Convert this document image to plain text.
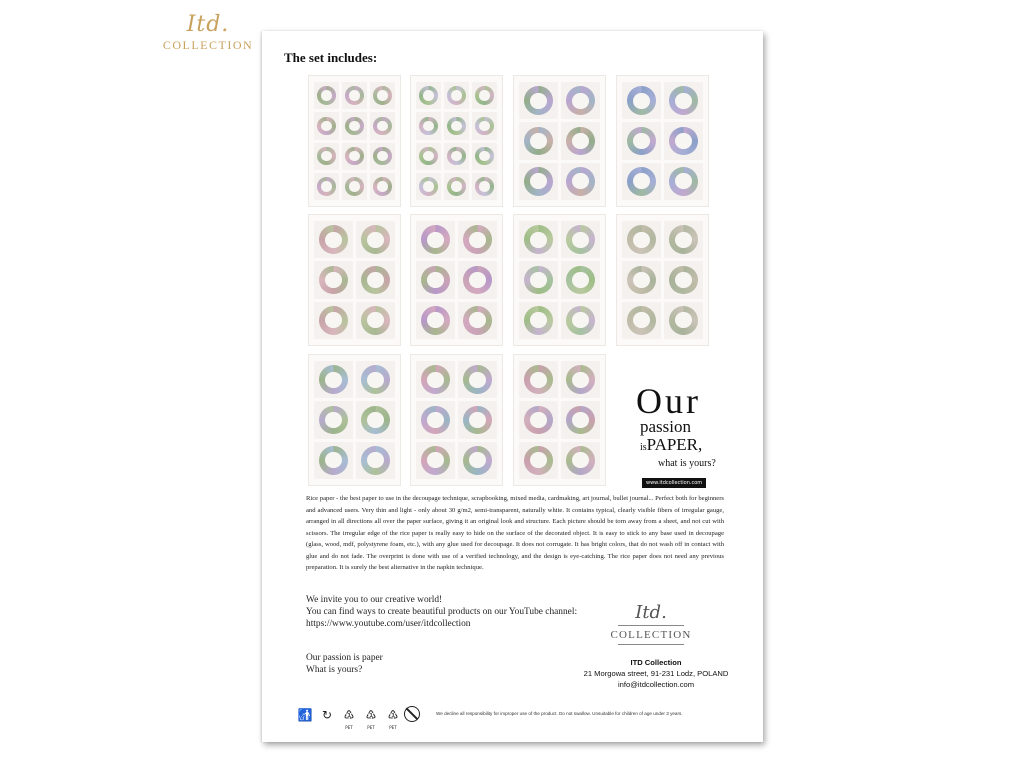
Itd.
COLLECTION
The set includes:
Our
passion
isPAPER,
what is yours?
www.itdcollection.com
Rice paper - the best paper to use in the decoupage technique, scrapbooking, mixed media, cardmaking, art journal, bullet journal... Perfect both for beginners and advanced users. Very thin and light - only about 30 g/m2, semi-transparent, naturally white. It contains typical, clearly visible fibers of irregular gauge, arranged in all directions all over the paper surface, giving it an original look and structure. Each picture should be torn away from a sheet, and not cut with scissors. The irregular edge of the rice paper is really easy to hide on the surface of the decorated object. It is easy to stick to any base used in decoupage (glass, wood, mdf, polystyrene foam, etc.), with any glue used for decoupage. It does not corrugate. It has bright colors, that do not wash off in contact with glue and do not fade. The overprint is done with use of a verified technology, and the design is eye-catching. The rice paper does not need any previous preparation. It is surely the best alternative in the napkin technique.
We invite you to our creative world!
You can find ways to create beautiful products on our YouTube channel:
https://www.youtube.com/user/itdcollection
Our passion is paper
What is yours?
Itd.
COLLECTION
ITD Collection
21 Morgowa street, 91-231 Lodz, POLAND
info@itdcollection.com
🚮 ↻ ♳
PET
♳
PET
♳
PET
We decline all responsibility for improper use of the product. Do not swallow. Unsuitable for children of age under 3 years.
